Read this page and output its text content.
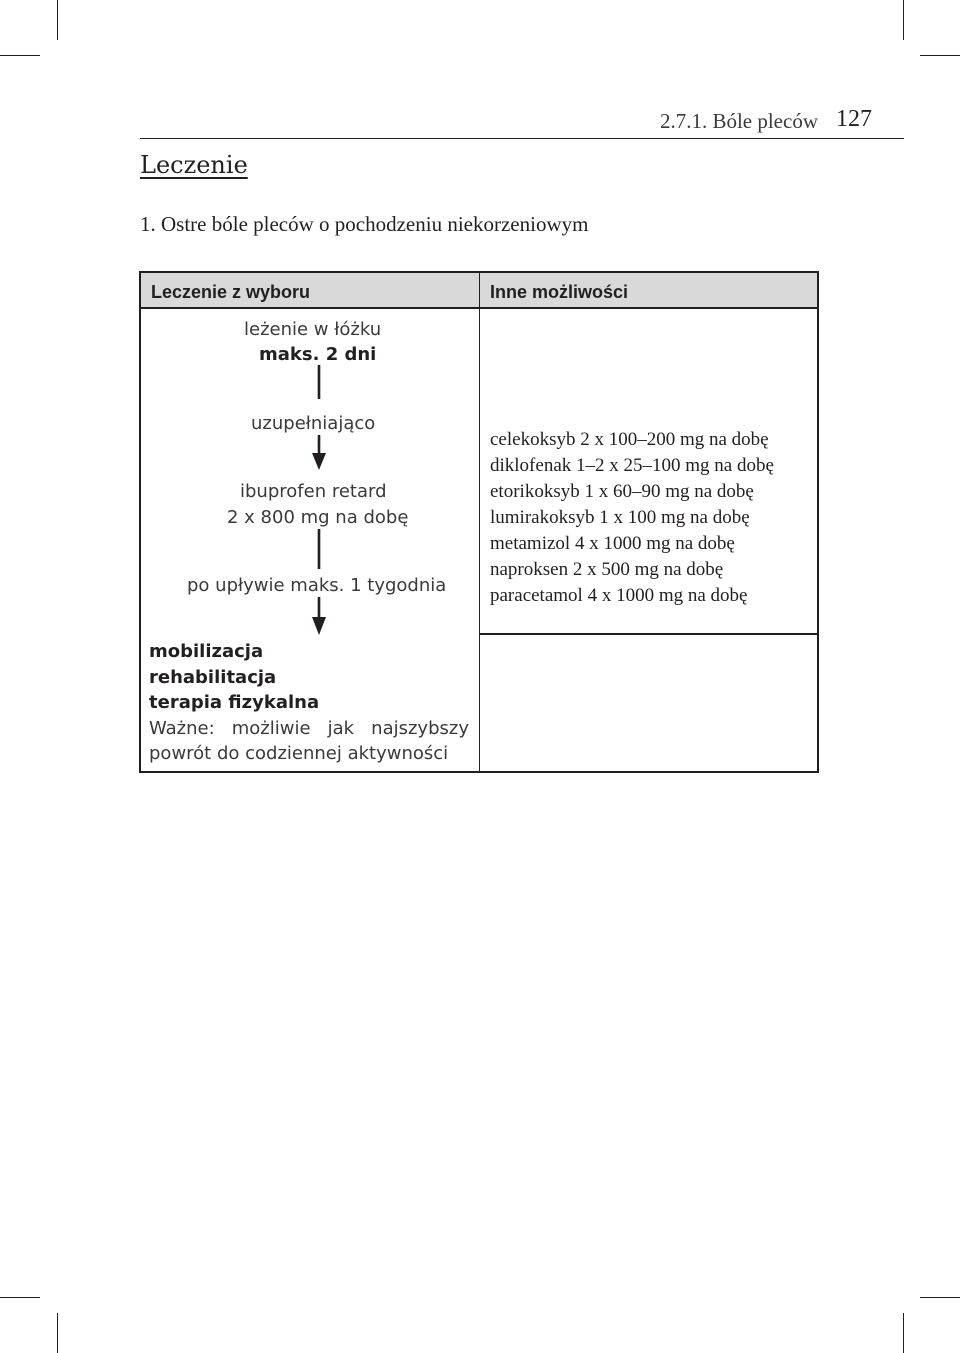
2.7.1. Bóle pleców 127
Leczenie
1. Ostre bóle pleców o pochodzeniu niekorzeniowym
Leczenie z wyboru	Inne możliwości
leżenie w łóżku
maks. 2 dni
uzupełniająco
ibuprofen retard
2 x 800 mg na dobę
po upływie maks. 1 tygodnia
celekoksyb 2 x 100–200 mg na dobę
diklofenak 1–2 x 25–100 mg na dobę
etorikoksyb 1 x 60–90 mg na dobę
lumirakoksyb 1 x 100 mg na dobę
metamizol 4 x 1000 mg na dobę
naproksen 2 x 500 mg na dobę
paracetamol 4 x 1000 mg na dobę
mobilizacja
rehabilitacja
terapia fizykalna
Ważne: możliwie jak najszybszy powrót do codziennej aktywności
